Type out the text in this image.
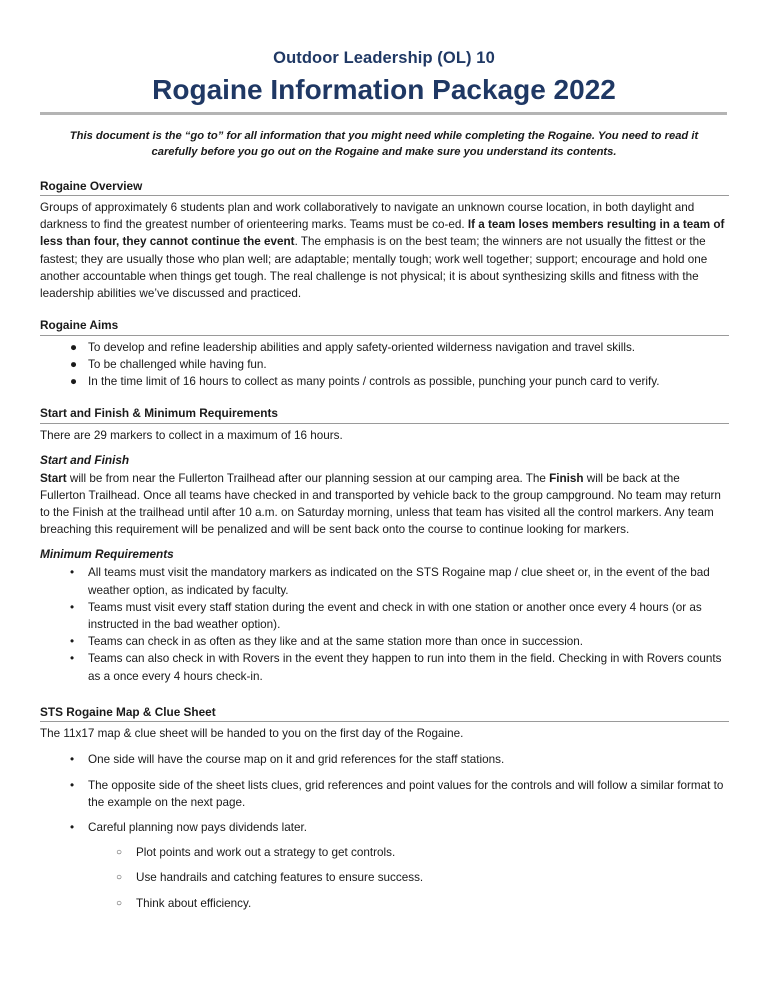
Outdoor Leadership (OL) 10
Rogaine Information Package 2022
This document is the “go to” for all information that you might need while completing the Rogaine. You need to read it carefully before you go out on the Rogaine and make sure you understand its contents.
Rogaine Overview

Groups of approximately 6 students plan and work collaboratively to navigate an unknown course location, in both daylight and darkness to find the greatest number of orienteering marks. Teams must be co-ed. If a team loses members resulting in a team of less than four, they cannot continue the event. The emphasis is on the best team; the winners are not usually the fittest or the fastest; they are usually those who plan well; are adaptable; mentally tough; work well together; support; encourage and hold one another accountable when things get tough. The real challenge is not physical; it is about synthesizing skills and fitness with the leadership abilities we’ve discussed and practiced.

Rogaine Aims
● To develop and refine leadership abilities and apply safety-oriented wilderness navigation and travel skills.
● To be challenged while having fun.
● In the time limit of 16 hours to collect as many points / controls as possible, punching your punch card to verify.
Start and Finish & Minimum Requirements

There are 29 markers to collect in a maximum of 16 hours.

Start and Finish

Start will be from near the Fullerton Trailhead after our planning session at our camping area. The Finish will be back at the Fullerton Trailhead. Once all teams have checked in and transported by vehicle back to the group campground. No team may return to the Finish at the trailhead until after 10 a.m. on Saturday morning, unless that team has visited all the control markers. Any team breaching this requirement will be penalized and will be sent back onto the course to continue looking for markers.

Minimum Requirements
• All teams must visit the mandatory markers as indicated on the STS Rogaine map / clue sheet or, in the event of the bad weather option, as indicated by faculty.
• Teams must visit every staff station during the event and check in with one station or another once every 4 hours (or as instructed in the bad weather option).
• Teams can check in as often as they like and at the same station more than once in succession.
• Teams can also check in with Rovers in the event they happen to run into them in the field. Checking in with Rovers counts as a once every 4 hours check-in.
STS Rogaine Map & Clue Sheet

The 11x17 map & clue sheet will be handed to you on the first day of the Rogaine.

• One side will have the course map on it and grid references for the staff stations.
• The opposite side of the sheet lists clues, grid references and point values for the controls and will follow a similar format to the example on the next page.
• Careful planning now pays dividends later.
○ Plot points and work out a strategy to get controls.
○ Use handrails and catching features to ensure success.
○ Think about efficiency.
